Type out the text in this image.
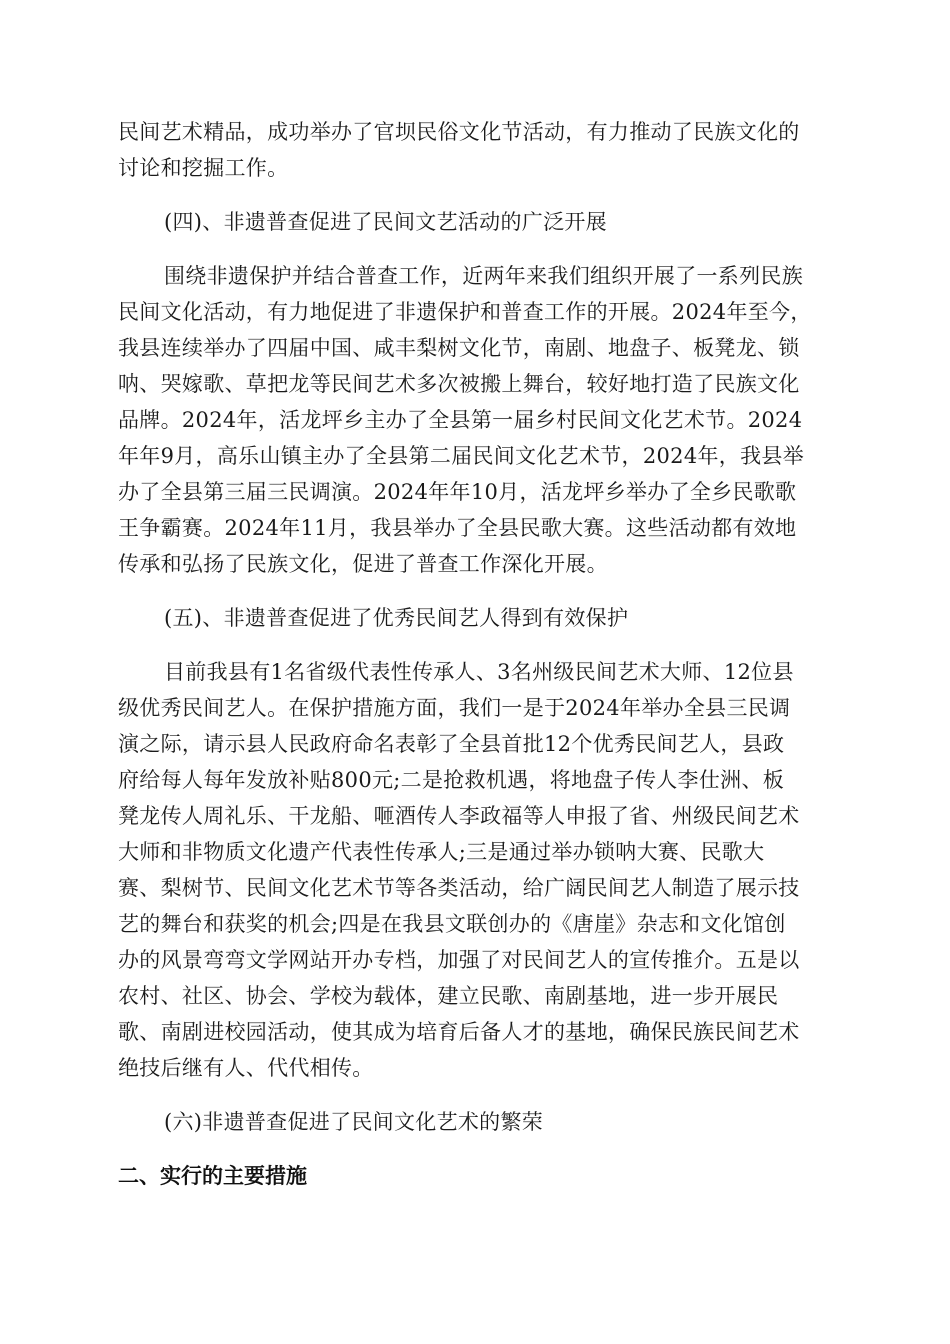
民间艺术精品，成功举办了官坝民俗文化节活动，有力推动了民族文化的
讨论和挖掘工作。
(四)、非遗普查促进了民间文艺活动的广泛开展
围绕非遗保护并结合普查工作，近两年来我们组织开展了一系列民族
民间文化活动，有力地促进了非遗保护和普查工作的开展。2024年至今，
我县连续举办了四届中国、咸丰梨树文化节，南剧、地盘子、板凳龙、锁
呐、哭嫁歌、草把龙等民间艺术多次被搬上舞台，较好地打造了民族文化
品牌。2024年，活龙坪乡主办了全县第一届乡村民间文化艺术节。2024
年年9月，高乐山镇主办了全县第二届民间文化艺术节，2024年，我县举
办了全县第三届三民调演。2024年年10月，活龙坪乡举办了全乡民歌歌
王争霸赛。2024年11月，我县举办了全县民歌大赛。这些活动都有效地
传承和弘扬了民族文化，促进了普查工作深化开展。
(五)、非遗普查促进了优秀民间艺人得到有效保护
目前我县有1名省级代表性传承人、3名州级民间艺术大师、12位县
级优秀民间艺人。在保护措施方面，我们一是于2024年举办全县三民调
演之际，请示县人民政府命名表彰了全县首批12个优秀民间艺人，县政
府给每人每年发放补贴800元;二是抢救机遇，将地盘子传人李仕洲、板
凳龙传人周礼乐、干龙船、咂酒传人李政福等人申报了省、州级民间艺术
大师和非物质文化遗产代表性传承人;三是通过举办锁呐大赛、民歌大
赛、梨树节、民间文化艺术节等各类活动，给广阔民间艺人制造了展示技
艺的舞台和获奖的机会;四是在我县文联创办的《唐崖》杂志和文化馆创
办的风景弯弯文学网站开办专档，加强了对民间艺人的宣传推介。五是以
农村、社区、协会、学校为载体，建立民歌、南剧基地，进一步开展民
歌、南剧进校园活动，使其成为培育后备人才的基地，确保民族民间艺术
绝技后继有人、代代相传。
(六)非遗普查促进了民间文化艺术的繁荣
二、实行的主要措施
